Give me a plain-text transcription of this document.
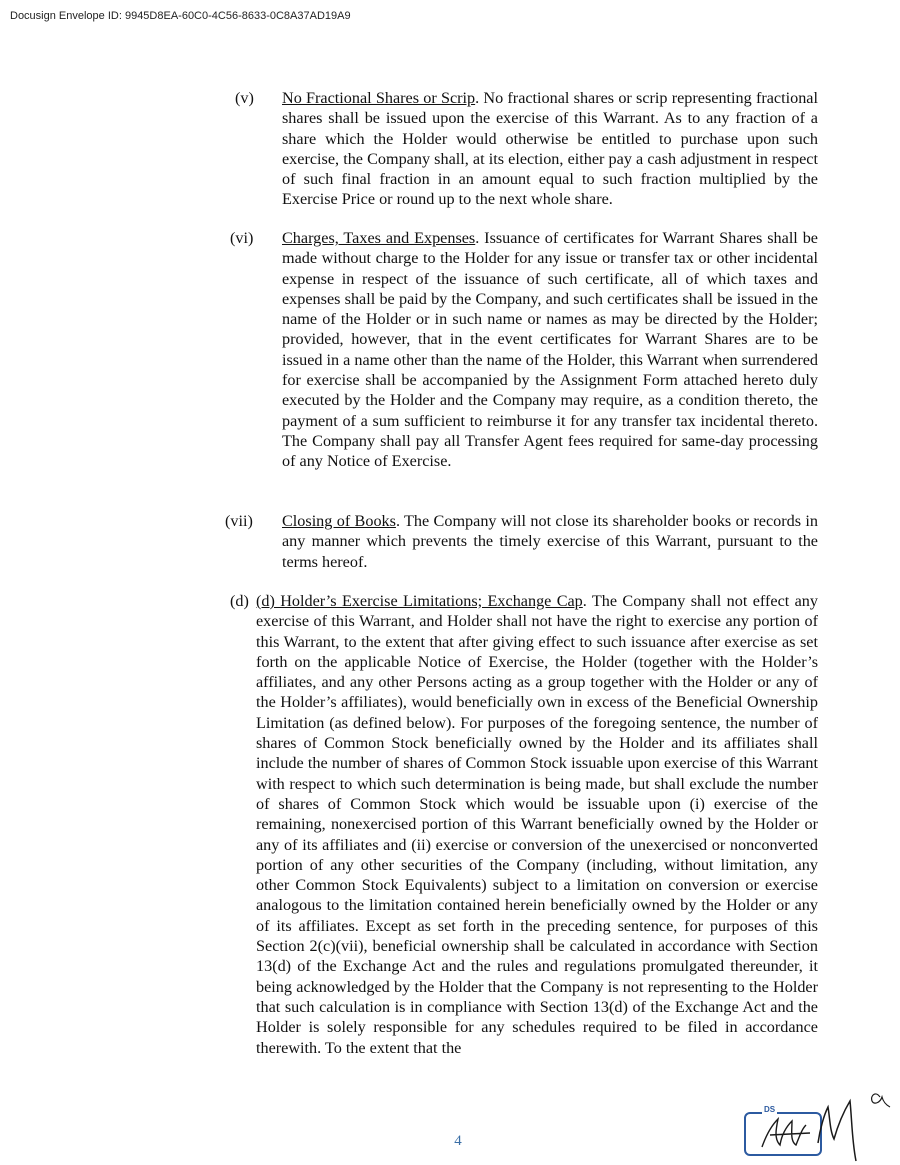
Docusign Envelope ID: 9945D8EA-60C0-4C56-8633-0C8A37AD19A9
(v) No Fractional Shares or Scrip. No fractional shares or scrip representing fractional shares shall be issued upon the exercise of this Warrant. As to any fraction of a share which the Holder would otherwise be entitled to purchase upon such exercise, the Company shall, at its election, either pay a cash adjustment in respect of such final fraction in an amount equal to such fraction multiplied by the Exercise Price or round up to the next whole share.
(vi) Charges, Taxes and Expenses. Issuance of certificates for Warrant Shares shall be made without charge to the Holder for any issue or transfer tax or other incidental expense in respect of the issuance of such certificate, all of which taxes and expenses shall be paid by the Company, and such certificates shall be issued in the name of the Holder or in such name or names as may be directed by the Holder; provided, however, that in the event certificates for Warrant Shares are to be issued in a name other than the name of the Holder, this Warrant when surrendered for exercise shall be accompanied by the Assignment Form attached hereto duly executed by the Holder and the Company may require, as a condition thereto, the payment of a sum sufficient to reimburse it for any transfer tax incidental thereto. The Company shall pay all Transfer Agent fees required for same-day processing of any Notice of Exercise.
(vii) Closing of Books. The Company will not close its shareholder books or records in any manner which prevents the timely exercise of this Warrant, pursuant to the terms hereof.
(d) (d) Holder’s Exercise Limitations; Exchange Cap. The Company shall not effect any exercise of this Warrant, and Holder shall not have the right to exercise any portion of this Warrant, to the extent that after giving effect to such issuance after exercise as set forth on the applicable Notice of Exercise, the Holder (together with the Holder’s affiliates, and any other Persons acting as a group together with the Holder or any of the Holder’s affiliates), would beneficially own in excess of the Beneficial Ownership Limitation (as defined below). For purposes of the foregoing sentence, the number of shares of Common Stock beneficially owned by the Holder and its affiliates shall include the number of shares of Common Stock issuable upon exercise of this Warrant with respect to which such determination is being made, but shall exclude the number of shares of Common Stock which would be issuable upon (i) exercise of the remaining, nonexercised portion of this Warrant beneficially owned by the Holder or any of its affiliates and (ii) exercise or conversion of the unexercised or nonconverted portion of any other securities of the Company (including, without limitation, any other Common Stock Equivalents) subject to a limitation on conversion or exercise analogous to the limitation contained herein beneficially owned by the Holder or any of its affiliates. Except as set forth in the preceding sentence, for purposes of this Section 2(c)(vii), beneficial ownership shall be calculated in accordance with Section 13(d) of the Exchange Act and the rules and regulations promulgated thereunder, it being acknowledged by the Holder that the Company is not representing to the Holder that such calculation is in compliance with Section 13(d) of the Exchange Act and the Holder is solely responsible for any schedules required to be filed in accordance therewith. To the extent that the
4
DS
